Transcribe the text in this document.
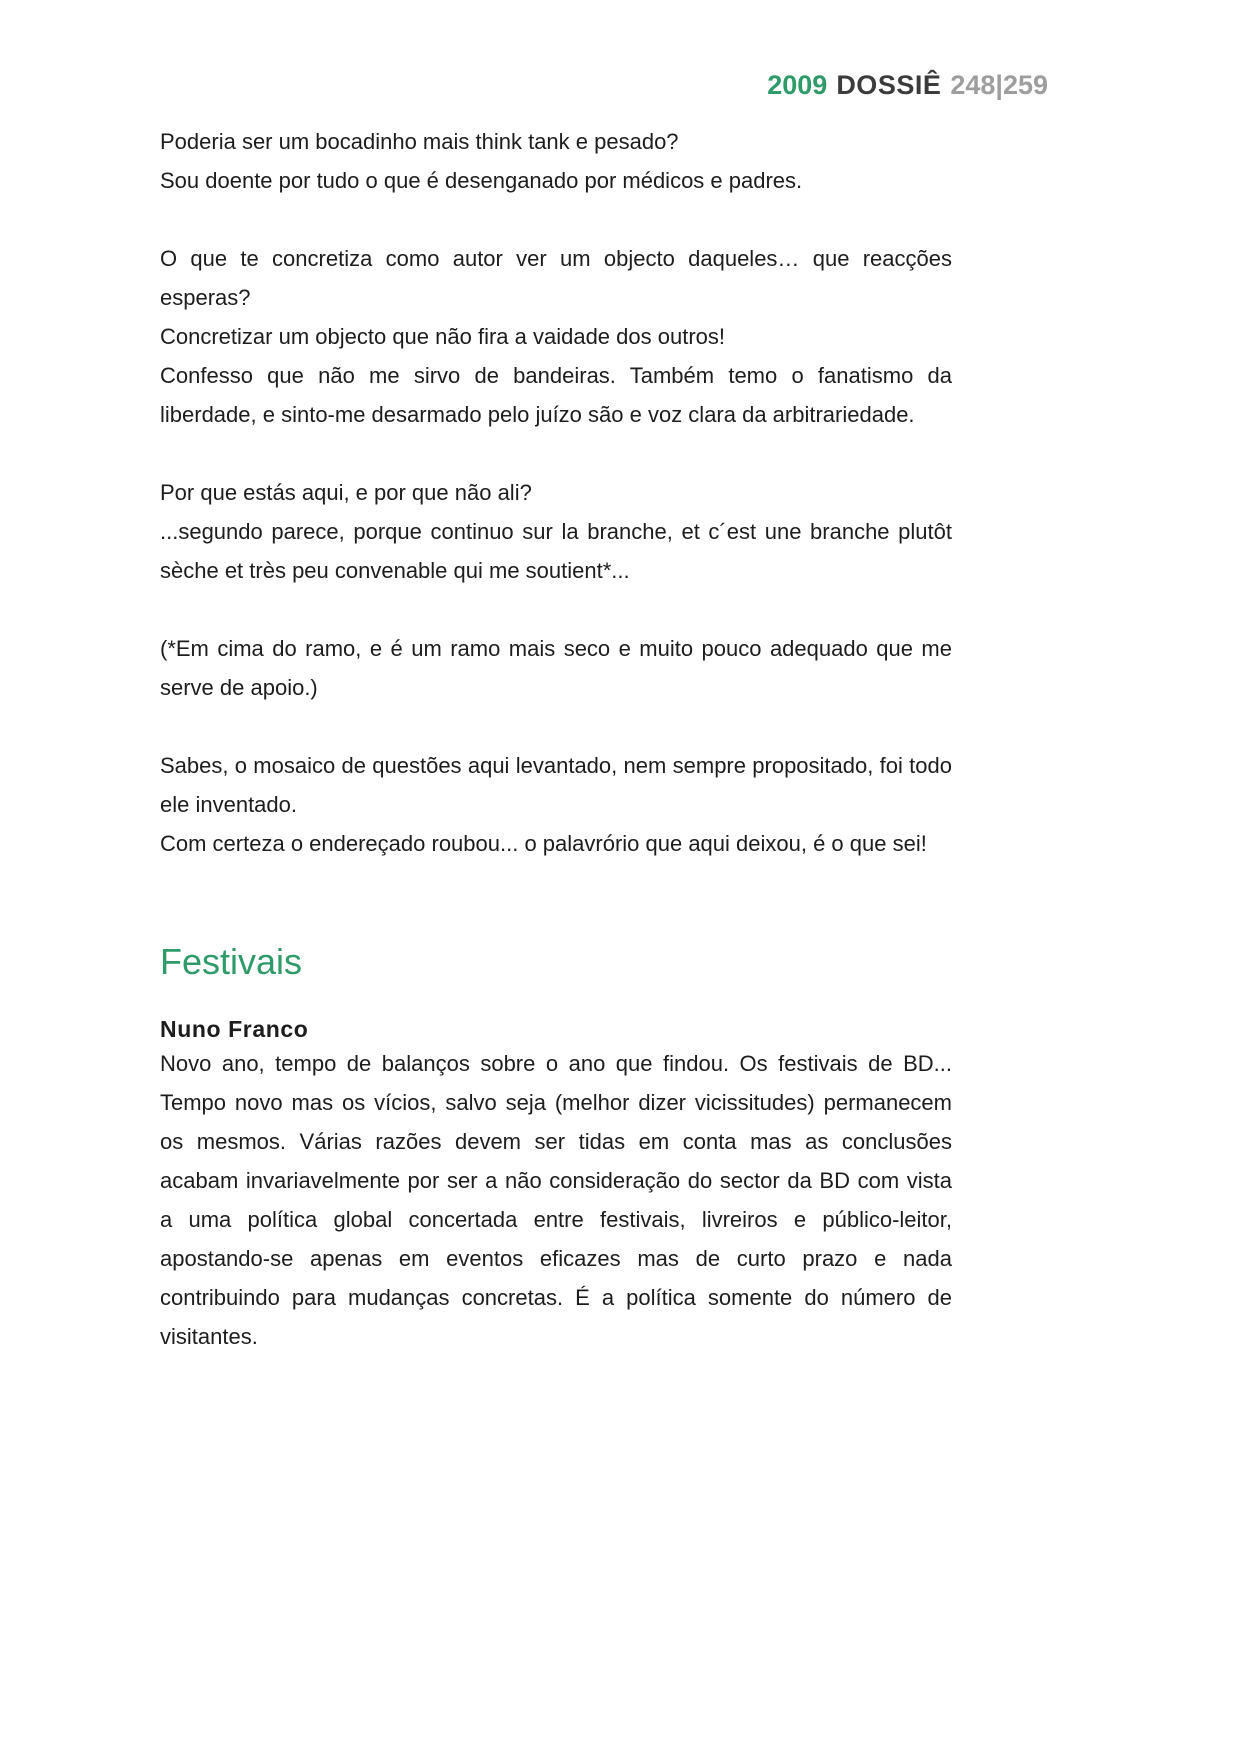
2009 DOSSIÊ 248|259

Poderia ser um bocadinho mais think tank e pesado?

Sou doente por tudo o que é desenganado por médicos e padres.

O que te concretiza como autor ver um objecto daqueles… que reacções esperas?

Concretizar um objecto que não fira a vaidade dos outros!

Confesso que não me sirvo de bandeiras. Também temo o fanatismo da liberdade, e sinto-me desarmado pelo juízo são e voz clara da arbitrariedade.

Por que estás aqui, e por que não ali?

...segundo parece, porque continuo sur la branche, et c´est une branche plutôt sèche et très peu convenable qui me soutient*...

(*Em cima do ramo, e é um ramo mais seco e muito pouco adequado que me serve de apoio.)

Sabes, o mosaico de questões aqui levantado, nem sempre propositado, foi todo ele inventado.

Com certeza o endereçado roubou... o palavrório que aqui deixou, é o que sei!

Festivais
Nuno Franco

Novo ano, tempo de balanços sobre o ano que findou. Os festivais de BD... Tempo novo mas os vícios, salvo seja (melhor dizer vicissitudes) permanecem os mesmos. Várias razões devem ser tidas em conta mas as conclusões acabam invariavelmente por ser a não consideração do sector da BD com vista a uma política global concertada entre festivais, livreiros e público-leitor, apostando-se apenas em eventos eficazes mas de curto prazo e nada contribuindo para mudanças concretas. É a política somente do número de visitantes.
